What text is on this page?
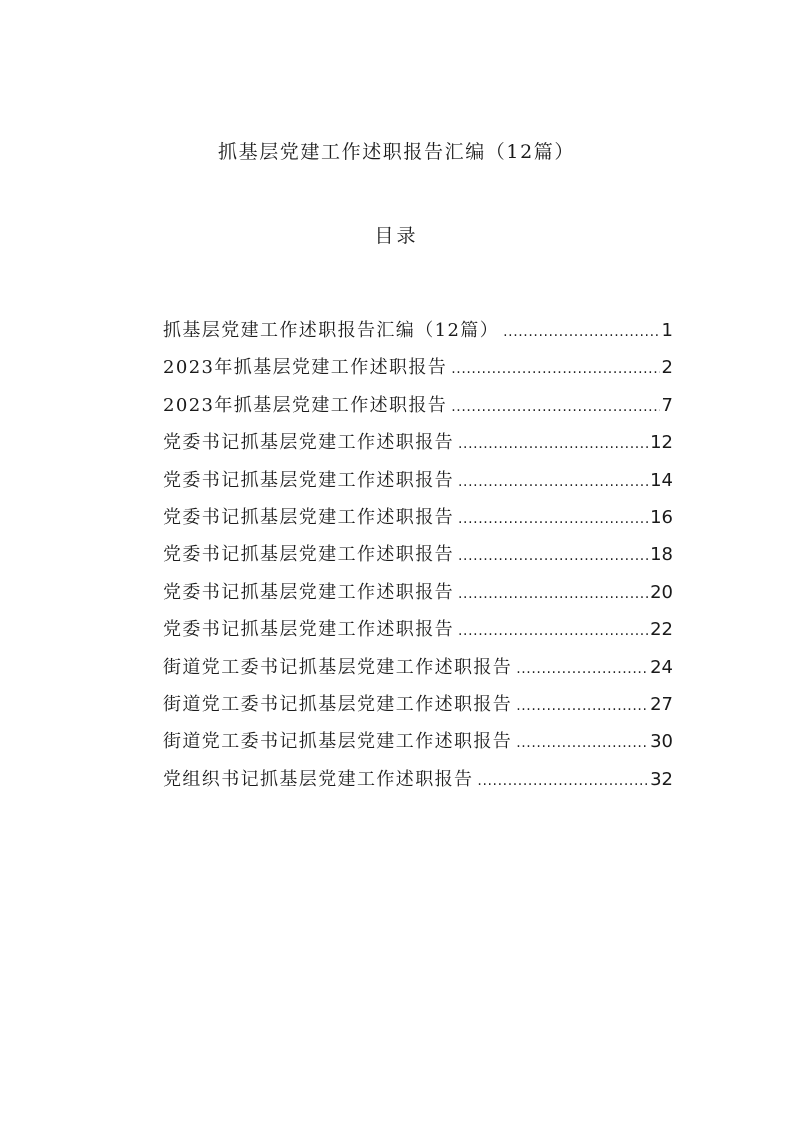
抓基层党建工作述职报告汇编（12篇）
目录
抓基层党建工作述职报告汇编（12篇） .....	1
2023年抓基层党建工作述职报告 .....	2
2023年抓基层党建工作述职报告 .....	7
党委书记抓基层党建工作述职报告 .....	12
党委书记抓基层党建工作述职报告 .....	14
党委书记抓基层党建工作述职报告 .....	16
党委书记抓基层党建工作述职报告 .....	18
党委书记抓基层党建工作述职报告 .....	20
党委书记抓基层党建工作述职报告 .....	22
街道党工委书记抓基层党建工作述职报告 .....	24
街道党工委书记抓基层党建工作述职报告 .....	27
街道党工委书记抓基层党建工作述职报告 .....	30
党组织书记抓基层党建工作述职报告 .....	32
